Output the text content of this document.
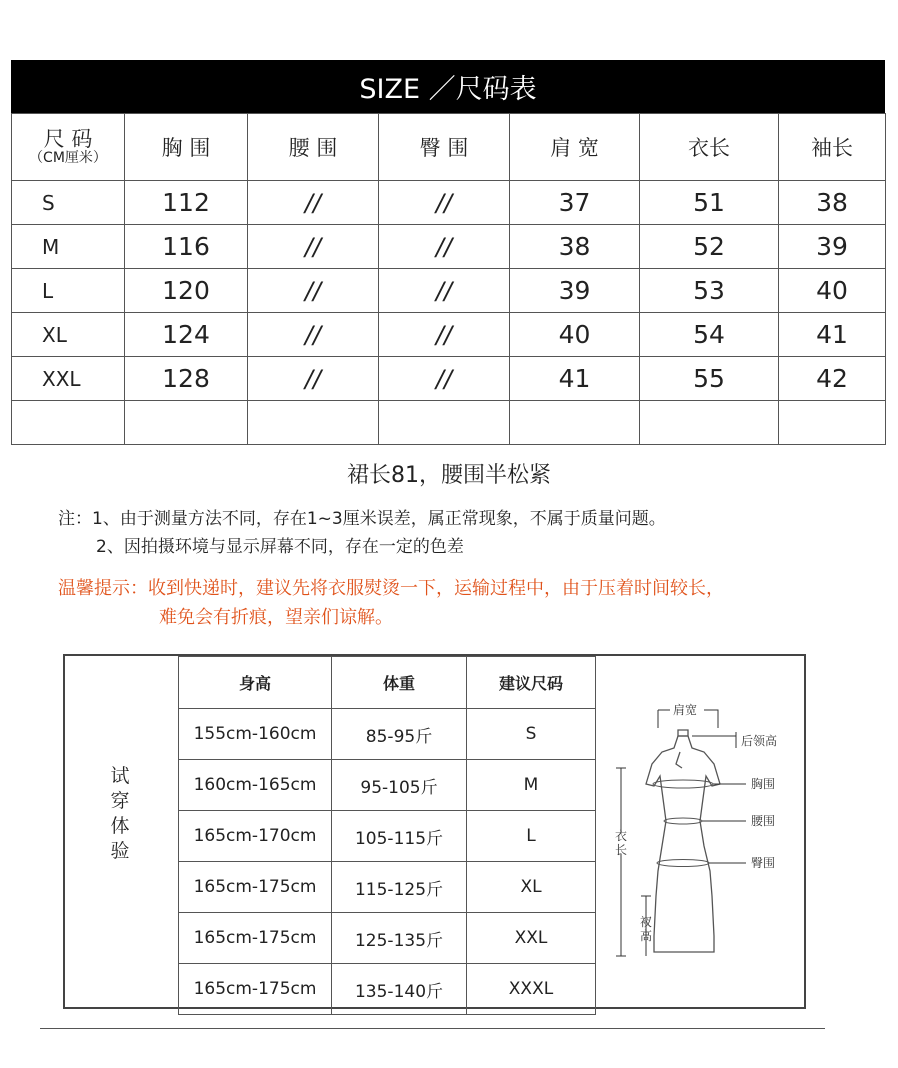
SIZE ／尺码表
尺 码
（CM厘米）	胸 围	腰 围	臀 围	肩 宽	衣长	袖长
S	112	//	//	37	51	38
M	116	//	//	38	52	39
L	120	//	//	39	53	40
XL	124	//	//	40	54	41
XXL	128	//	//	41	55	42

裙长81，腰围半松紧
注：1、由于测量方法不同，存在1~3厘米误差，属正常现象，不属于质量问题。
2、因拍摄环境与显示屏幕不同，存在一定的色差
温馨提示：收到快递时，建议先将衣服熨烫一下，运输过程中，由于压着时间较长，
难免会有折痕，望亲们谅解。
试
穿
体
验
身高	体重	建议尺码
155cm-160cm	85-95斤	S
160cm-165cm	95-105斤	M
165cm-170cm	105-115斤	L
165cm-175cm	115-125斤	XL
165cm-175cm	125-135斤	XXL
165cm-175cm	135-140斤	XXXL
肩宽
后领高
胸围
腰围
臀围
衣
长
衩
高
